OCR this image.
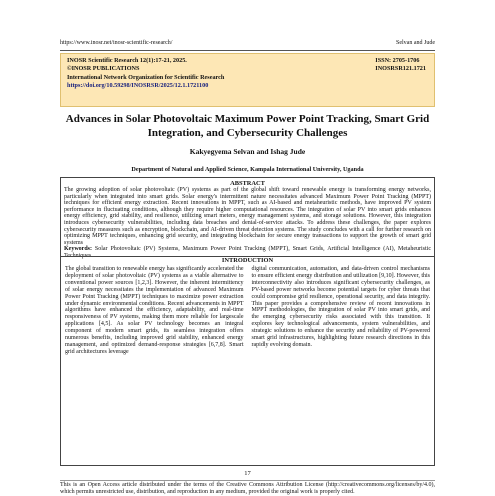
https://www.inosr.net/inosr-scientific-research/	Selvan and Jude
INOSR Scientific Research 12(1):17-21, 2025.
©INOSR PUBLICATIONS
International Network Organization for Scientific Research
https://doi.org/10.59298/INOSRSR/2025/12.1.1721100
ISSN: 2705-1706
INOSRSR121.1721
Advances in Solar Photovoltaic Maximum Power Point Tracking, Smart Grid Integration, and Cybersecurity Challenges
Kakyegyema Selvan and Ishag Jude
Department of Natural and Applied Science, Kampala International University, Uganda
ABSTRACT
The growing adoption of solar photovoltaic (PV) systems as part of the global shift toward renewable energy is transforming energy networks, particularly when integrated into smart grids. Solar energy's intermittent nature necessitates advanced Maximum Power Point Tracking (MPPT) techniques for efficient energy extraction. Recent innovations in MPPT, such as AI-based and metaheuristic methods, have improved PV system performance in fluctuating conditions, although they require higher computational resources. The integration of solar PV into smart grids enhances energy efficiency, grid stability, and resilience, utilizing smart meters, energy management systems, and storage solutions. However, this integration introduces cybersecurity vulnerabilities, including data breaches and denial-of-service attacks. To address these challenges, the paper explores cybersecurity measures such as encryption, blockchain, and AI-driven threat detection systems. The study concludes with a call for further research on optimizing MPPT techniques, enhancing grid security, and integrating blockchain for secure energy transactions to support the growth of smart grid systems
Keywords: Solar Photovoltaic (PV) Systems, Maximum Power Point Tracking (MPPT), Smart Grids, Artificial Intelligence (AI), Metaheuristic Techniques
INTRODUCTION
The global transition to renewable energy has significantly accelerated the deployment of solar photovoltaic (PV) systems as a viable alternative to conventional power sources [1,2,3]. However, the inherent intermittency of solar energy necessitates the implementation of advanced Maximum Power Point Tracking (MPPT) techniques to maximize power extraction under dynamic environmental conditions. Recent advancements in MPPT algorithms have enhanced the efficiency, adaptability, and real-time responsiveness of PV systems, making them more reliable for largescale applications [4,5]. As solar PV technology becomes an integral component of modern smart grids, its seamless integration offers numerous benefits, including improved grid stability, enhanced energy management, and optimized demand-response strategies [6,7,8]. Smart grid architectures leverage
digital communication, automation, and data-driven control mechanisms to ensure efficient energy distribution and utilization [9,10]. However, this interconnectivity also introduces significant cybersecurity challenges, as PV-based power networks become potential targets for cyber threats that could compromise grid resilience, operational security, and data integrity. This paper provides a comprehensive review of recent innovations in MPPT methodologies, the integration of solar PV into smart grids, and the emerging cybersecurity risks associated with this transition. It explores key technological advancements, system vulnerabilities, and strategic solutions to enhance the security and reliability of PV-powered smart grid infrastructures, highlighting future research directions in this rapidly evolving domain.
17
This is an Open Access article distributed under the terms of the Creative Commons Attribution License (http://creativecommons.org/licenses/by/4.0), which permits unrestricted use, distribution, and reproduction in any medium, provided the original work is properly cited.
